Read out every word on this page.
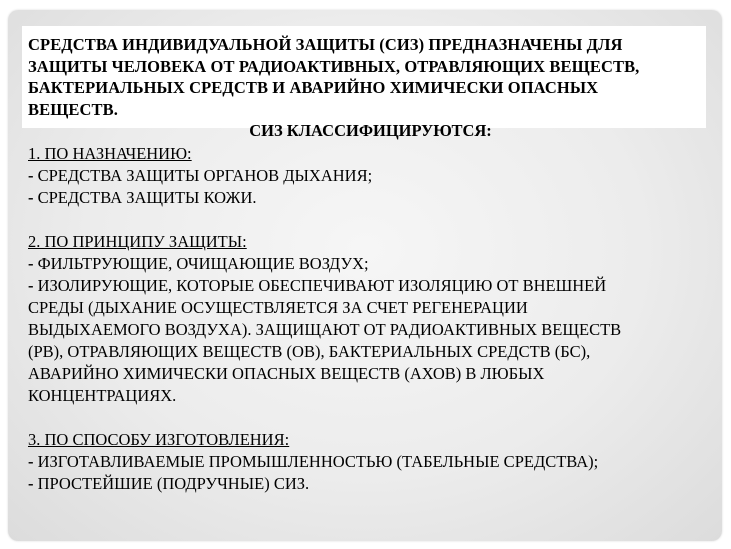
СРЕДСТВА ИНДИВИДУАЛЬНОЙ ЗАЩИТЫ (СИЗ) ПРЕДНАЗНАЧЕНЫ ДЛЯ
ЗАЩИТЫ ЧЕЛОВЕКА ОТ РАДИОАКТИВНЫХ, ОТРАВЛЯЮЩИХ ВЕЩЕСТВ,
БАКТЕРИАЛЬНЫХ СРЕДСТВ И АВАРИЙНО ХИМИЧЕСКИ ОПАСНЫХ
ВЕЩЕСТВ.
СИЗ КЛАССИФИЦИРУЮТСЯ:
1. ПО НАЗНАЧЕНИЮ:
- СРЕДСТВА ЗАЩИТЫ ОРГАНОВ ДЫХАНИЯ;
- СРЕДСТВА ЗАЩИТЫ КОЖИ.
2. ПО ПРИНЦИПУ ЗАЩИТЫ:
- ФИЛЬТРУЮЩИЕ, ОЧИЩАЮЩИЕ ВОЗДУХ;
- ИЗОЛИРУЮЩИЕ, КОТОРЫЕ ОБЕСПЕЧИВАЮТ ИЗОЛЯЦИЮ ОТ ВНЕШНЕЙ
СРЕДЫ (ДЫХАНИЕ ОСУЩЕСТВЛЯЕТСЯ ЗА СЧЕТ РЕГЕНЕРАЦИИ
ВЫДЫХАЕМОГО ВОЗДУХА). ЗАЩИЩАЮТ ОТ РАДИОАКТИВНЫХ ВЕЩЕСТВ
(РВ), ОТРАВЛЯЮЩИХ ВЕЩЕСТВ (ОВ), БАКТЕРИАЛЬНЫХ СРЕДСТВ (БС),
АВАРИЙНО ХИМИЧЕСКИ ОПАСНЫХ ВЕЩЕСТВ (АХОВ) В ЛЮБЫХ
КОНЦЕНТРАЦИЯХ.
3. ПО СПОСОБУ ИЗГОТОВЛЕНИЯ:
- ИЗГОТАВЛИВАЕМЫЕ ПРОМЫШЛЕННОСТЬЮ (ТАБЕЛЬНЫЕ СРЕДСТВА);
- ПРОСТЕЙШИЕ (ПОДРУЧНЫЕ) СИЗ.
